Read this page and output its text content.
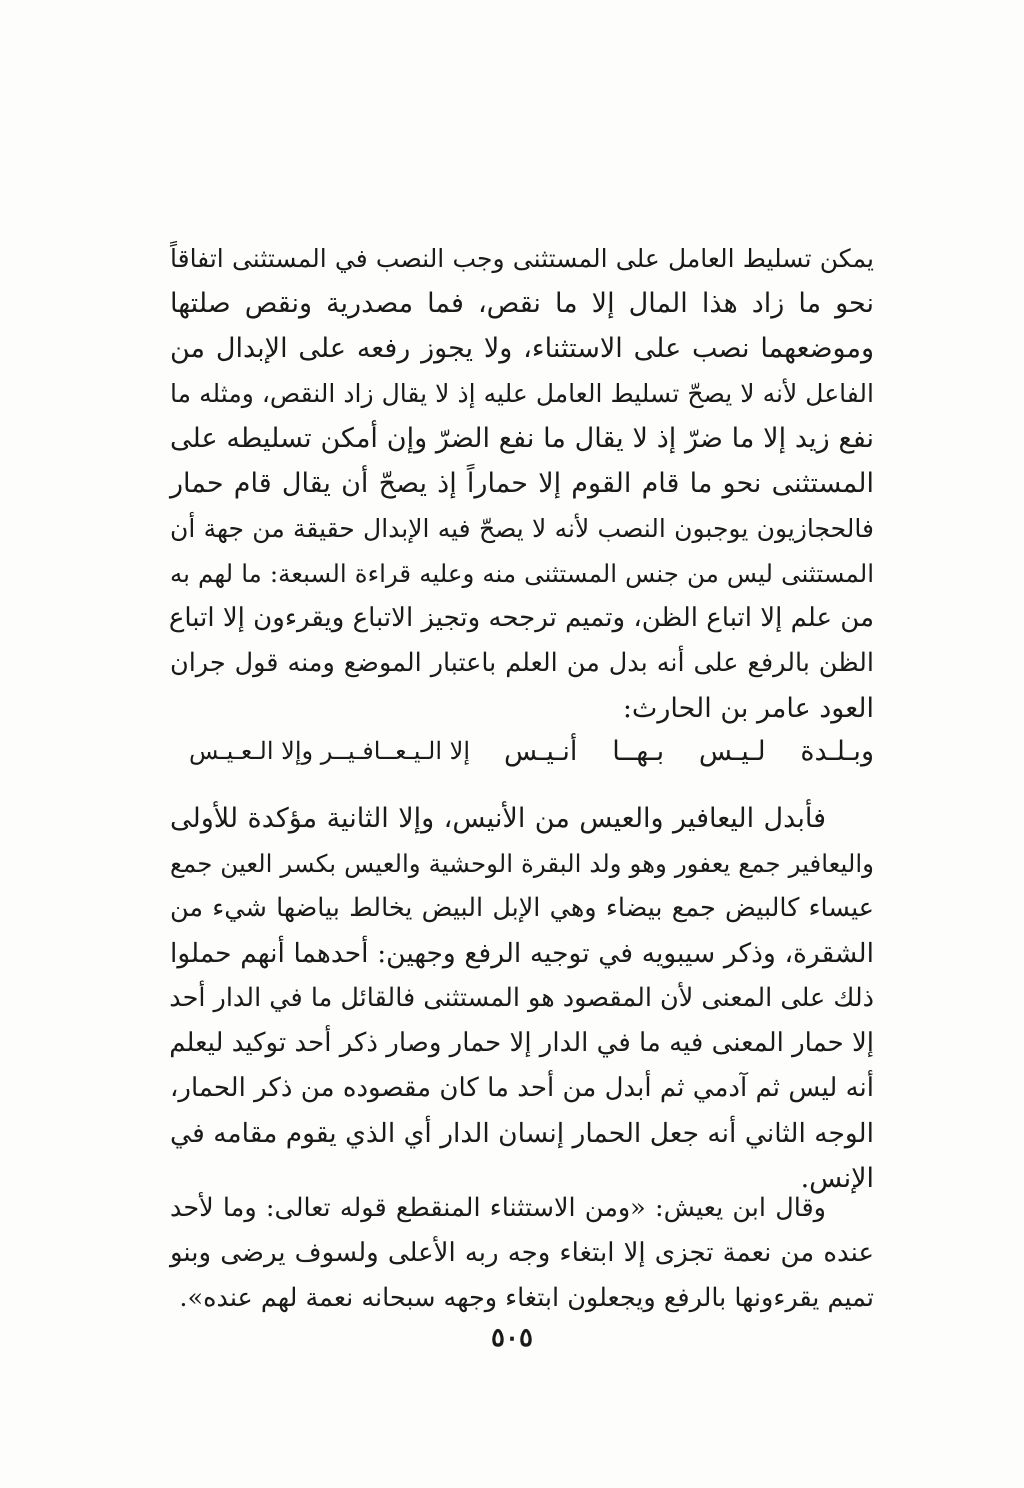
يمكن تسليط العامل على المستثنى وجب النصب في المستثنى اتفاقاً
نحو ما زاد هذا المال إلا ما نقص، فما مصدرية ونقص صلتها
وموضعهما نصب على الاستثناء، ولا يجوز رفعه على الإبدال من
الفاعل لأنه لا يصحّ تسليط العامل عليه إذ لا يقال زاد النقص، ومثله ما
نفع زيد إلا ما ضرّ إذ لا يقال ما نفع الضرّ وإن أمكن تسليطه على
المستثنى نحو ما قام القوم إلا حماراً إذ يصحّ أن يقال قام حمار
فالحجازيون يوجبون النصب لأنه لا يصحّ فيه الإبدال حقيقة من جهة أن
المستثنى ليس من جنس المستثنى منه وعليه قراءة السبعة: ما لهم به
من علم إلا اتباع الظن، وتميم ترجحه وتجيز الاتباع ويقرءون إلا اتباع
الظن بالرفع على أنه بدل من العلم باعتبار الموضع ومنه قول جران
العود عامر بن الحارث:
وبـلـدة لـيـس بـهــا أنـيـس
إلا الـيـعــافـيــر وإلا الـعـيـس
فأبدل اليعافير والعيس من الأنيس، وإلا الثانية مؤكدة للأولى
واليعافير جمع يعفور وهو ولد البقرة الوحشية والعيس بكسر العين جمع
عيساء كالبيض جمع بيضاء وهي الإبل البيض يخالط بياضها شيء من
الشقرة، وذكر سيبويه في توجيه الرفع وجهين: أحدهما أنهم حملوا
ذلك على المعنى لأن المقصود هو المستثنى فالقائل ما في الدار أحد
إلا حمار المعنى فيه ما في الدار إلا حمار وصار ذكر أحد توكيد ليعلم
أنه ليس ثم آدمي ثم أبدل من أحد ما كان مقصوده من ذكر الحمار،
الوجه الثاني أنه جعل الحمار إنسان الدار أي الذي يقوم مقامه في
الإنس.
وقال ابن يعيش: «ومن الاستثناء المنقطع قوله تعالى: وما لأحد
عنده من نعمة تجزى إلا ابتغاء وجه ربه الأعلى ولسوف يرضى وبنو
تميم يقرءونها بالرفع ويجعلون ابتغاء وجهه سبحانه نعمة لهم عنده».
٥٠٥
